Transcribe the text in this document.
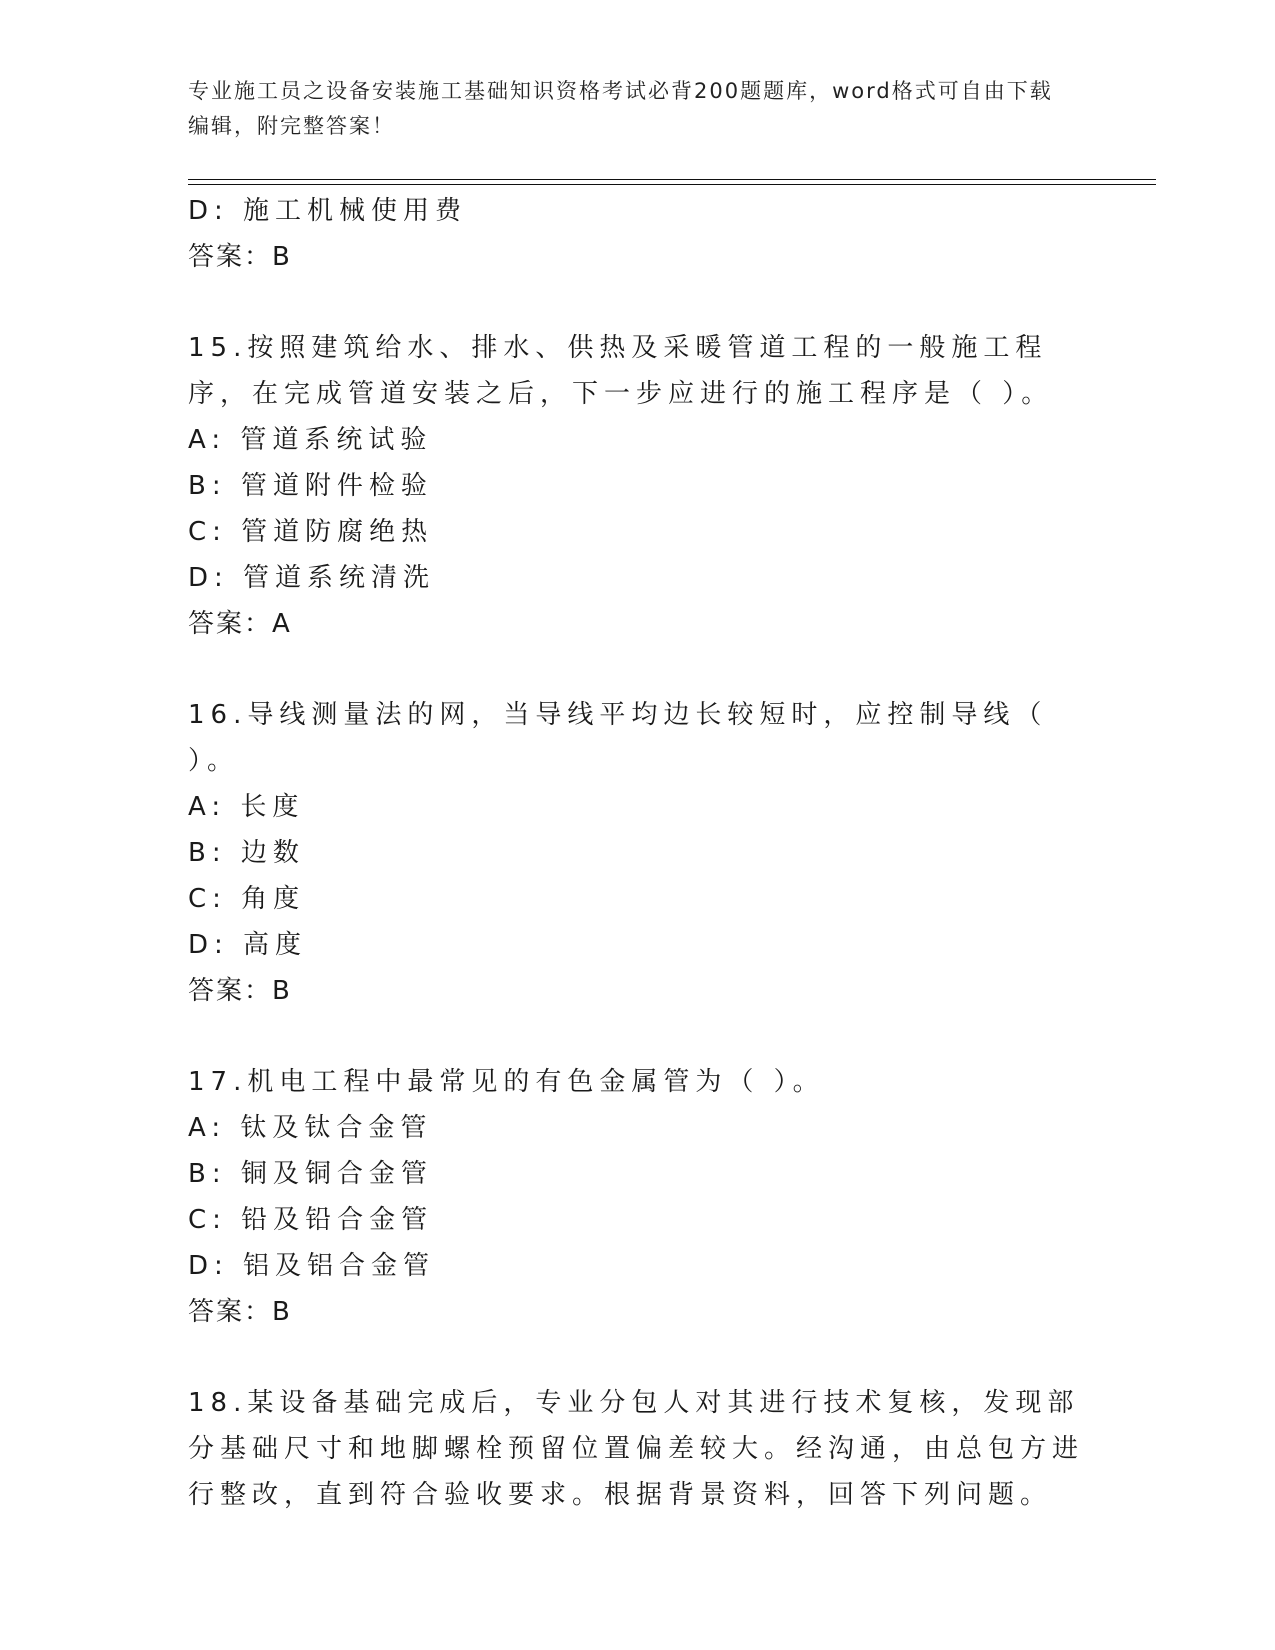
专业施工员之设备安装施工基础知识资格考试必背200题题库，word格式可自由下载编辑，附完整答案！
D: 施工机械使用费
答案：B
15.按照建筑给水、排水、供热及采暖管道工程的一般施工程序，在完成管道安装之后，下一步应进行的施工程序是（ ）。
A: 管道系统试验
B: 管道附件检验
C: 管道防腐绝热
D: 管道系统清洗
答案：A
16.导线测量法的网，当导线平均边长较短时，应控制导线（ ）。
A: 长度
B: 边数
C: 角度
D: 高度
答案：B
17.机电工程中最常见的有色金属管为（ ）。
A: 钛及钛合金管
B: 铜及铜合金管
C: 铅及铅合金管
D: 铝及铝合金管
答案：B
18.某设备基础完成后，专业分包人对其进行技术复核，发现部分基础尺寸和地脚螺栓预留位置偏差较大。经沟通，由总包方进行整改，直到符合验收要求。根据背景资料，回答下列问题。
